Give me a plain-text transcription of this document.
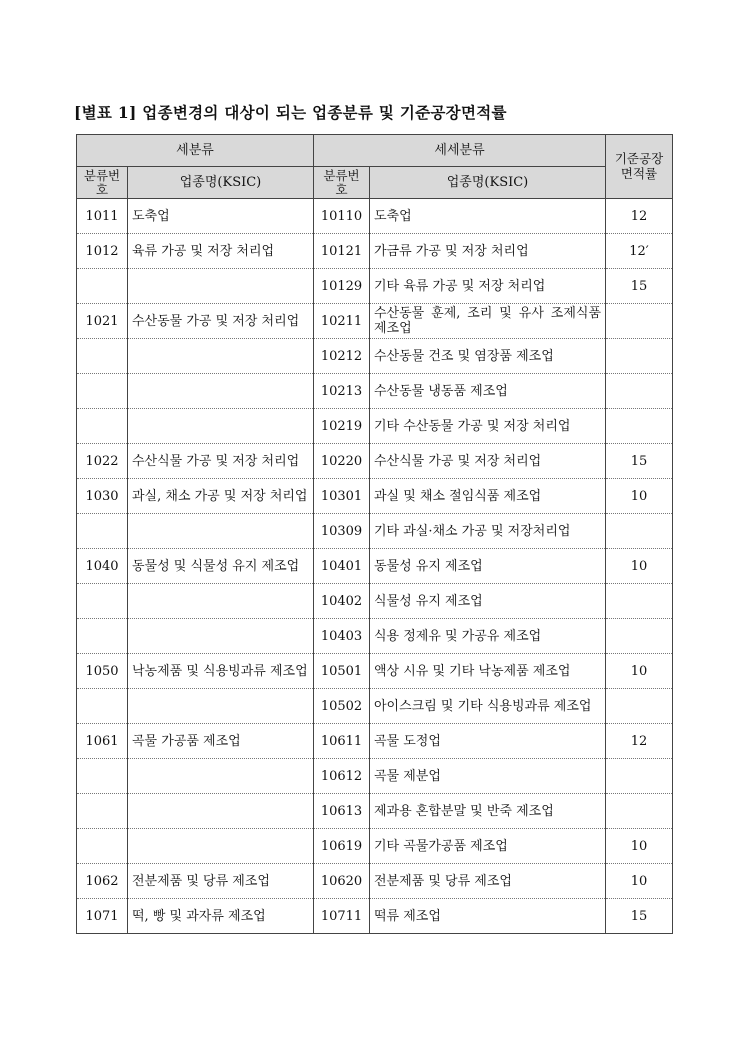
[별표 1] 업종변경의 대상이 되는 업종분류 및 기준공장면적률
세분류		세세분류		기준공장면적률
분류번호	업종명(KSIC)	분류번호	업종명(KSIC)	
1011	도축업	10110	도축업	12
1012	육류 가공 및 저장 처리업	10121	가금류 가공 및 저장 처리업	12′
		10129	기타 육류 가공 및 저장 처리업	15
1021	수산동물 가공 및 저장 처리업	10211	수산동물 훈제, 조리 및 유사 조제식품 제조업	
		10212	수산동물 건조 및 염장품 제조업	
		10213	수산동물 냉동품 제조업	
		10219	기타 수산동물 가공 및 저장 처리업	
1022	수산식물 가공 및 저장 처리업	10220	수산식물 가공 및 저장 처리업	15
1030	과실, 채소 가공 및 저장 처리업	10301	과실 및 채소 절임식품 제조업	10
		10309	기타 과실·채소 가공 및 저장처리업	
1040	동물성 및 식물성 유지 제조업	10401	동물성 유지 제조업	10
		10402	식물성 유지 제조업	
		10403	식용 정제유 및 가공유 제조업	
1050	낙농제품 및 식용빙과류 제조업	10501	액상 시유 및 기타 낙농제품 제조업	10
		10502	아이스크림 및 기타 식용빙과류 제조업	
1061	곡물 가공품 제조업	10611	곡물 도정업	12
		10612	곡물 제분업	
		10613	제과용 혼합분말 및 반죽 제조업	
		10619	기타 곡물가공품 제조업	10
1062	전분제품 및 당류 제조업	10620	전분제품 및 당류 제조업	10
1071	떡, 빵 및 과자류 제조업	10711	떡류 제조업	15
